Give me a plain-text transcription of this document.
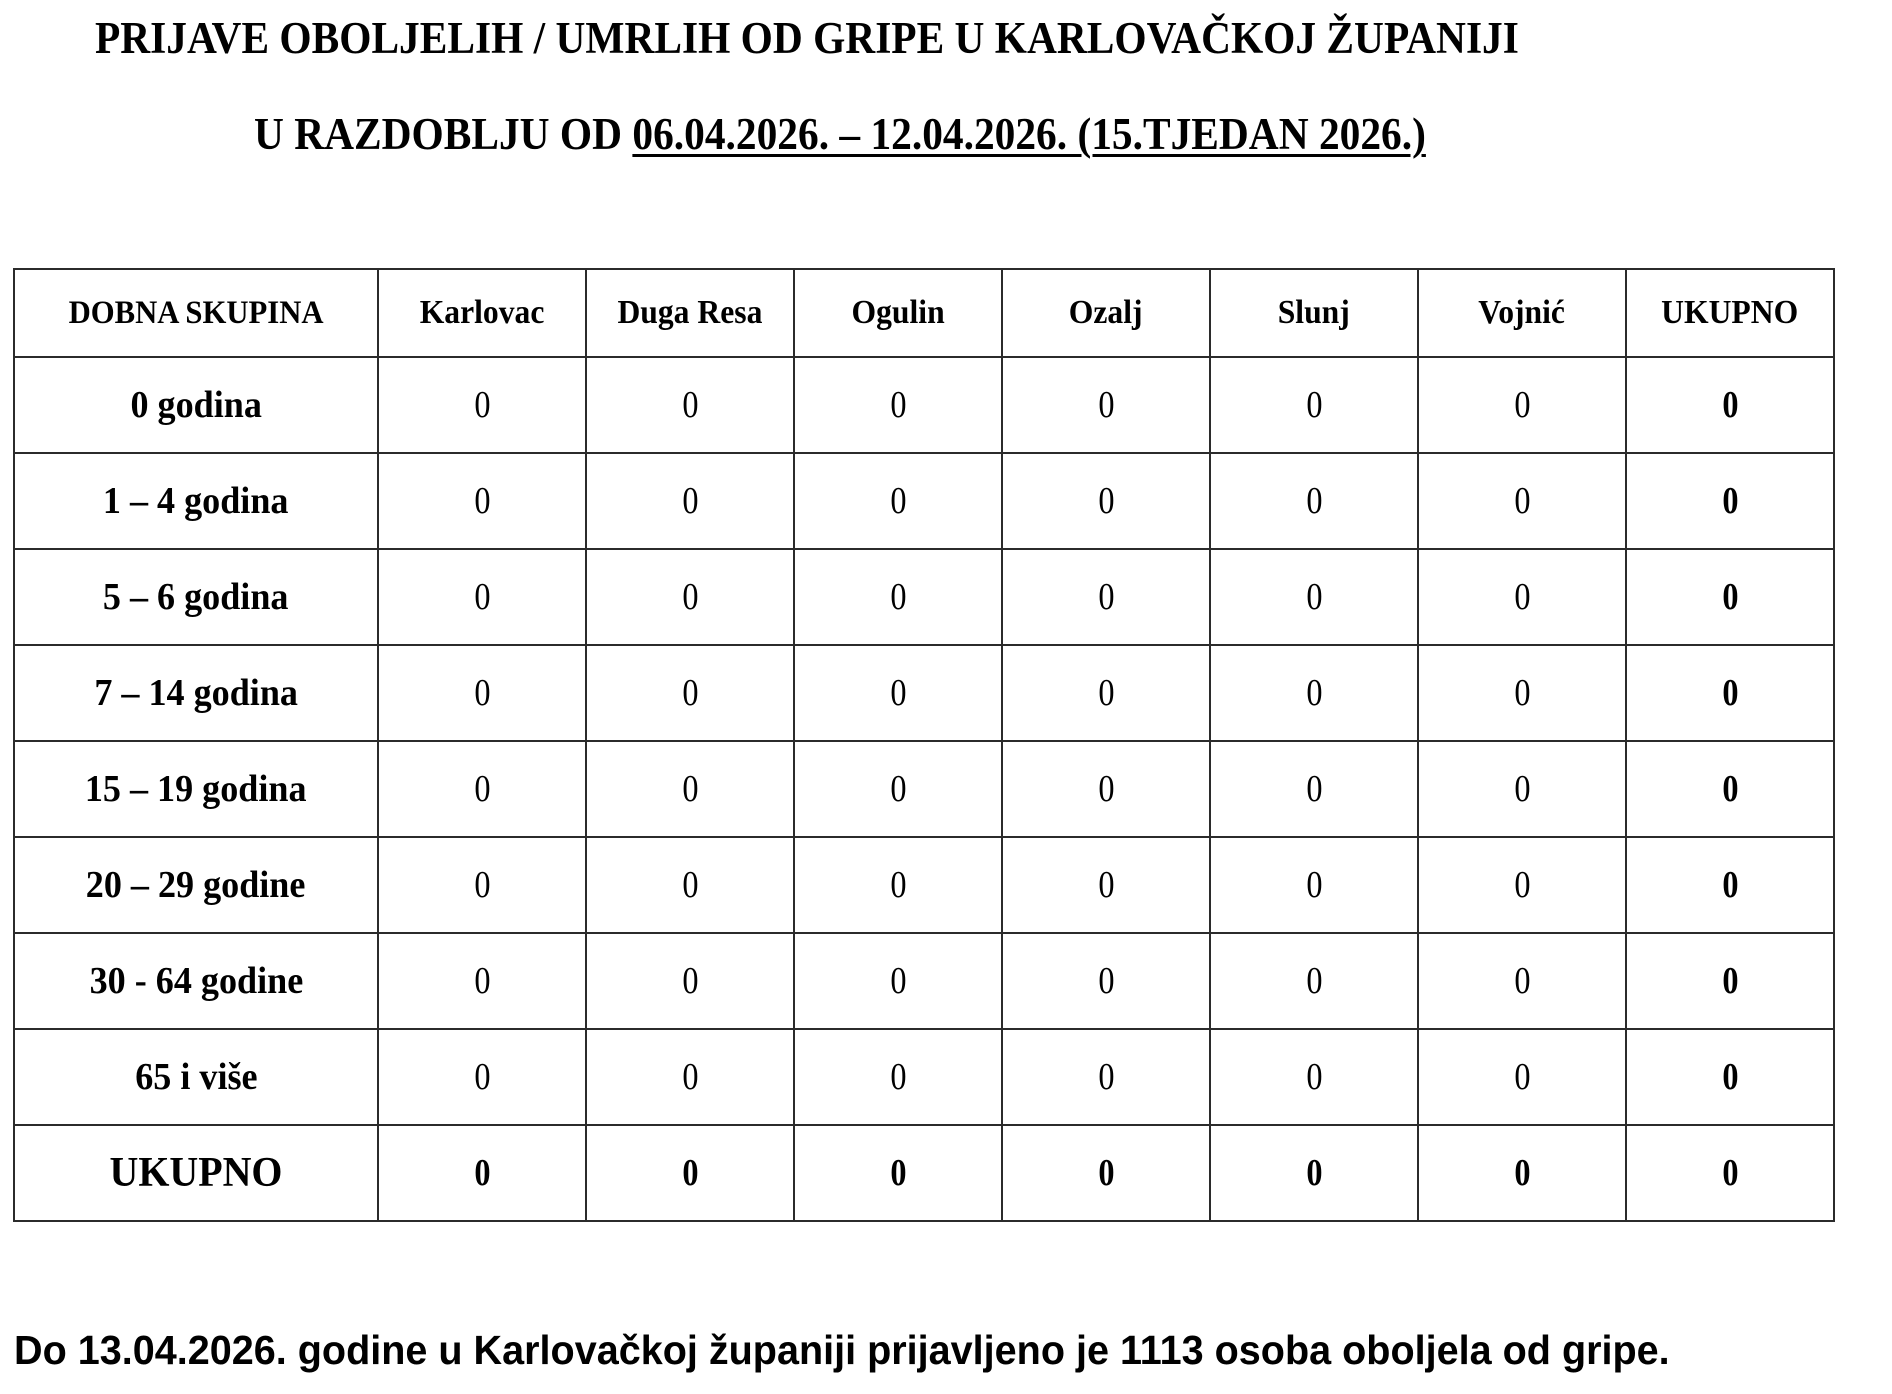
PRIJAVE OBOLJELIH / UMRLIH OD GRIPE U KARLOVAČKOJ ŽUPANIJI
U RAZDOBLJU OD 06.04.2026. – 12.04.2026. (15.TJEDAN 2026.)
DOBNA SKUPINA	Karlovac	Duga Resa	Ogulin	Ozalj	Slunj	Vojnić	UKUPNO
0 godina	0	0	0	0	0	0	0
1 – 4 godina	0	0	0	0	0	0	0
5 – 6 godina	0	0	0	0	0	0	0
7 – 14 godina	0	0	0	0	0	0	0
15 – 19 godina	0	0	0	0	0	0	0
20 – 29 godine	0	0	0	0	0	0	0
30 - 64 godine	0	0	0	0	0	0	0
65 i više	0	0	0	0	0	0	0
UKUPNO	0	0	0	0	0	0	0
Do 13.04.2026. godine u Karlovačkoj županiji prijavljeno je 1113 osoba oboljela od gripe.
